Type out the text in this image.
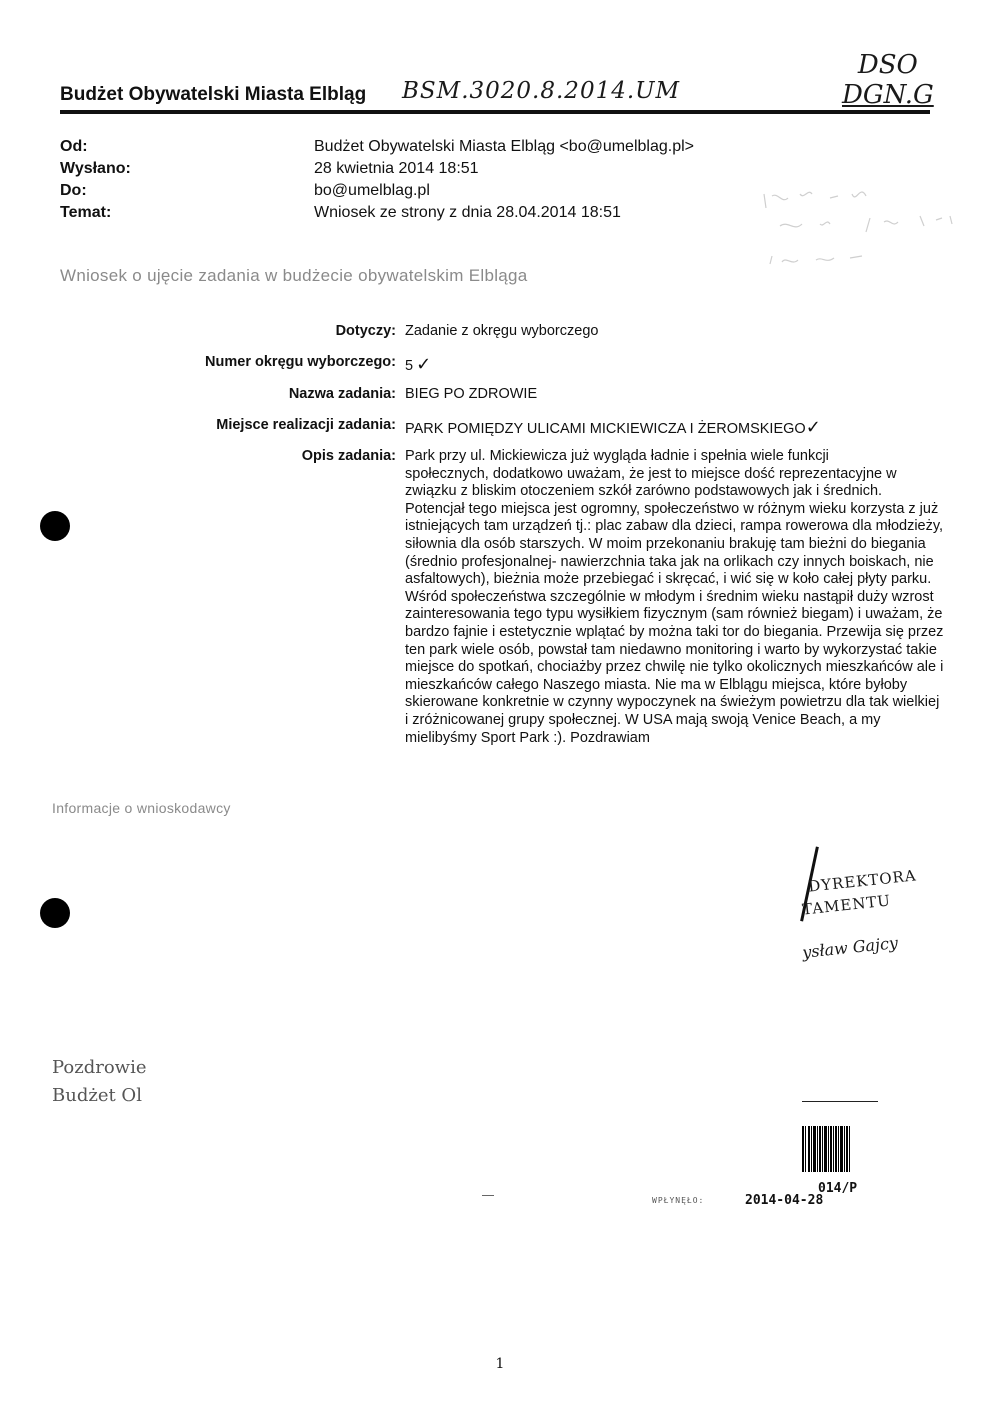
Budżet Obywatelski Miasta Elbląg BSM.3020.8.2014.UM
DSO
DGN.G
Od:	Budżet Obywatelski Miasta Elbląg <bo@umelblag.pl>
Wysłano:	28 kwietnia 2014 18:51
Do:	bo@umelblag.pl
Temat:	Wniosek ze strony z dnia 28.04.2014 18:51
Wniosek o ujęcie zadania w budżecie obywatelskim Elbląga
Dotyczy: Zadanie z okręgu wyborczego
Numer okręgu wyborczego: 5 ✓
Nazwa zadania: BIEG PO ZDROWIE
Miejsce realizacji zadania: PARK POMIĘDZY ULICAMI MICKIEWICZA I ŻEROMSKIEGO✓
Opis zadania: Park przy ul. Mickiewicza już wygląda ładnie i spełnia wiele funkcji
społecznych, dodatkowo uważam, że jest to miejsce dość reprezentacyjne w związku z bliskim otoczeniem szkół zarówno podstawowych jak i średnich. Potencjał tego miejsca jest ogromny, społeczeństwo w różnym wieku korzysta z już istniejących tam urządzeń tj.: plac zabaw dla dzieci, rampa rowerowa dla młodzieży, siłownia dla osób starszych. W moim przekonaniu brakuję tam bieżni do biegania (średnio profesjonalnej- nawierzchnia taka jak na orlikach czy innych boiskach, nie asfaltowych), bieżnia może przebiegać i skręcać, i wić się w koło całej płyty parku. Wśród społeczeństwa szczególnie w młodym i średnim wieku nastąpił duży wzrost zainteresowania tego typu wysiłkiem fizycznym (sam również biegam) i uważam, że bardzo fajnie i estetycznie wplątać by można taki tor do biegania. Przewija się przez ten park wiele osób, powstał tam niedawno monitoring i warto by wykorzystać takie miejsce do spotkań, chociażby przez chwilę nie tylko okolicznych mieszkańców ale i mieszkańców całego Naszego miasta. Nie ma w Elblągu miejsca, które byłoby skierowane konkretnie w czynny wypoczynek na świeżym powietrzu dla tak wielkiej i zróżnicowanej grupy społecznej. W USA mają swoją Venice Beach, a my mielibyśmy Sport Park :). Pozdrawiam
Informacje o wnioskodawcy
DYREKTORA
TAMENTU
ysław Gajcy
Pozdrowie
Budżet Ol
014/P
2014-04-28
WPŁYNĘŁO:
1
